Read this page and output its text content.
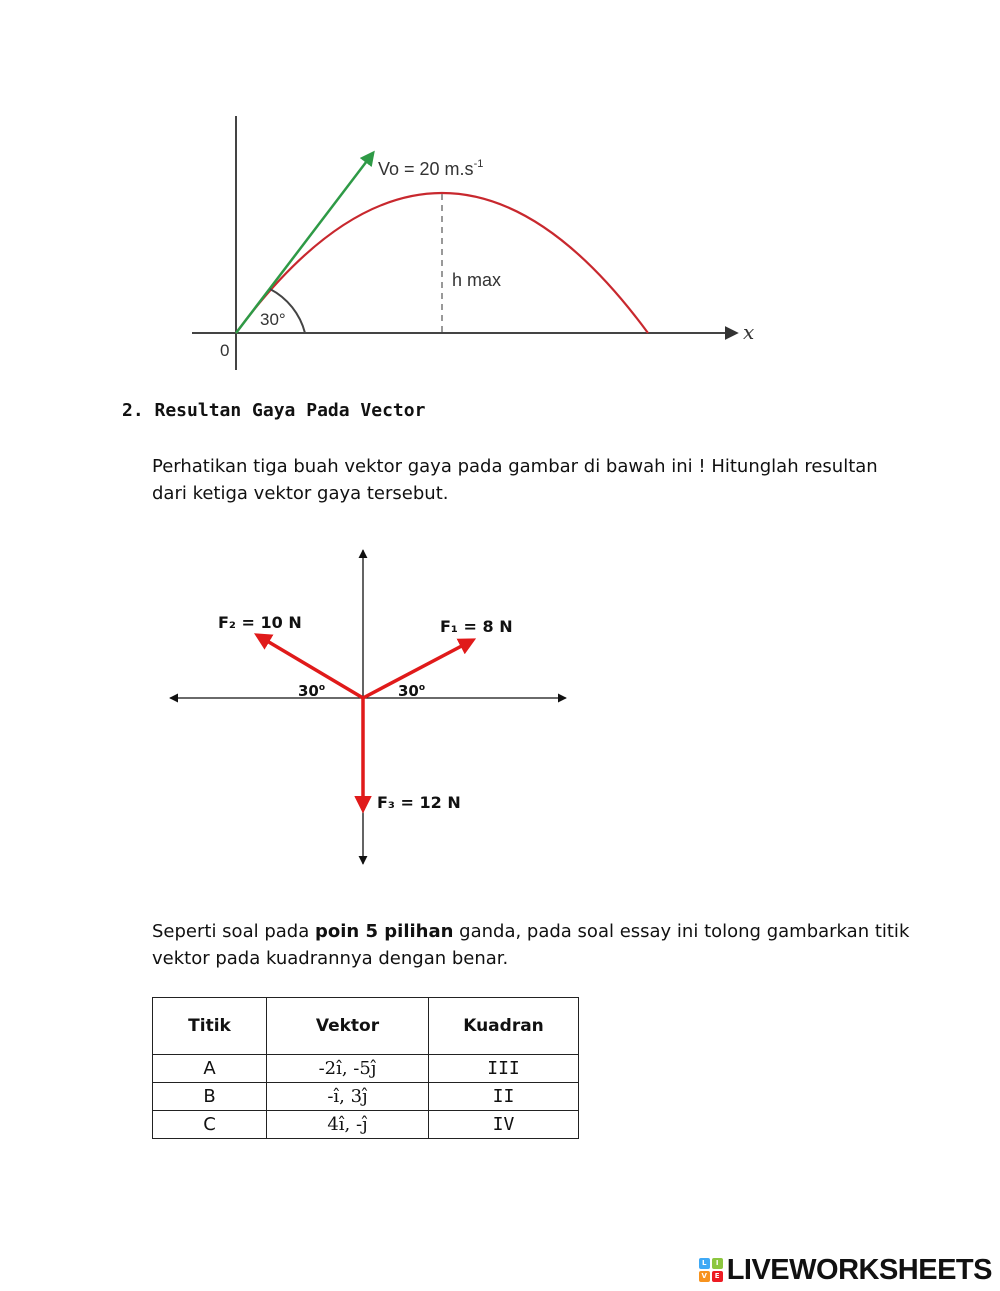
Vo = 20 $m.s^{-1}$
h max
30°
0
x
2. Resultan Gaya Pada Vector
Perhatikan tiga buah vektor gaya pada gambar di bawah ini ! Hitunglah resultan dari ketiga vektor gaya tersebut.
F₂ = 10 N	F₁ = 8 N
F₃ = 12 N
30$^o$	30$^o$
Seperti soal pada poin 5 pilihan ganda, pada soal essay ini tolong gambarkan titik vektor pada kuadrannya dengan benar.
Titik	Vektor	Kuadran
A	-2î, -5ĵ	III
B	-î, 3ĵ	II
C	4î, -ĵ	IV
L	I
V	E LIVEWORKSHEETS
